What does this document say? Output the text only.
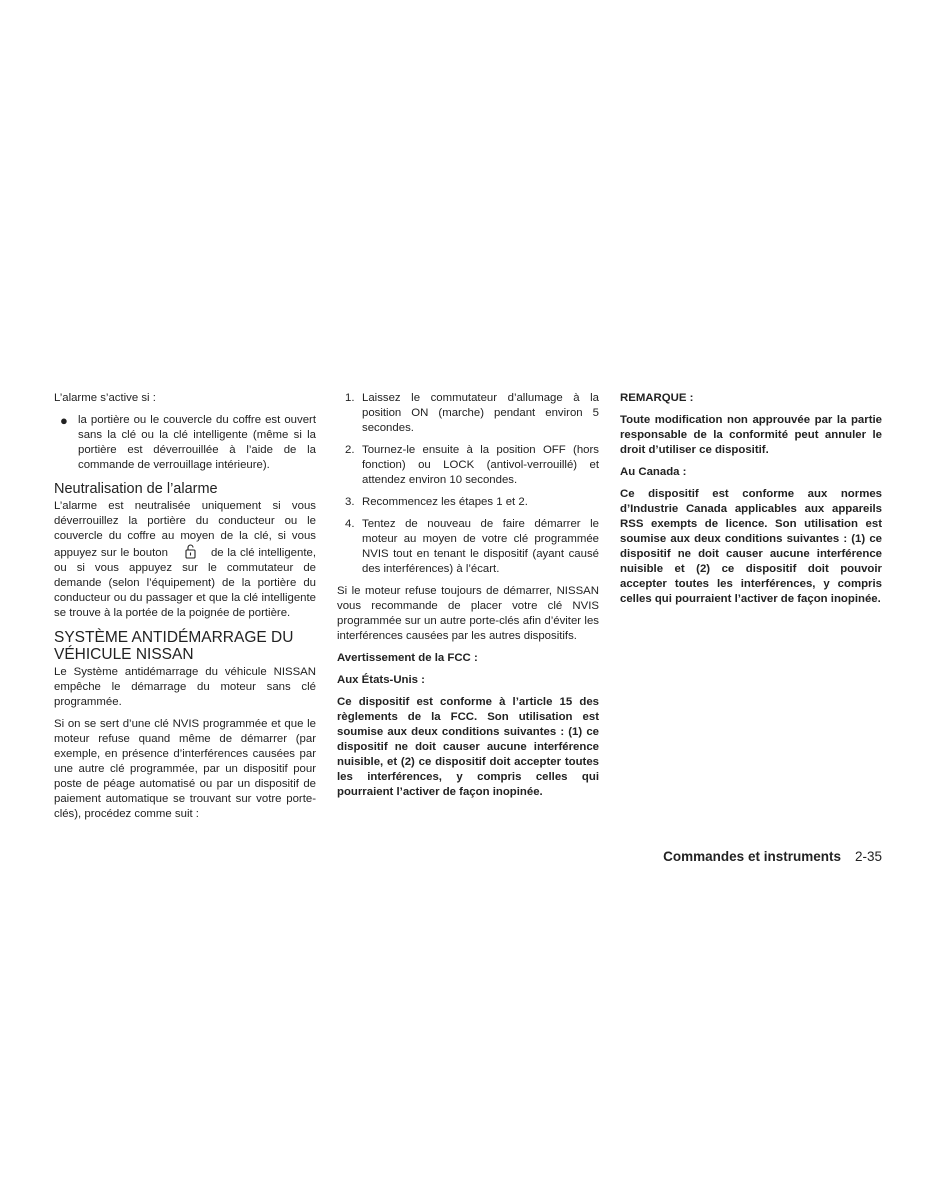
L’alarme s’active si :

● la portière ou le couvercle du coffre est ouvert sans la clé ou la clé intelligente (même si la portière est déverrouillée à l’aide de la commande de verrouillage intérieure).
Neutralisation de l’alarme

L’alarme est neutralisée uniquement si vous déverrouillez la portière du conducteur ou le couvercle du coffre au moyen de la clé, si vous appuyez sur le bouton	de la clé intelligente, ou si vous appuyez sur le commutateur de demande (selon l’équipement) de la portière du conducteur ou du passager et que la clé intelligente se trouve à la portée de la poignée de portière.

SYSTÈME ANTIDÉMARRAGE DU
VÉHICULE NISSAN

Le Système antidémarrage du véhicule NISSAN empêche le démarrage du moteur sans clé programmée.

Si on se sert d’une clé NVIS programmée et que le moteur refuse quand même de démarrer (par exemple, en présence d’interférences causées par une autre clé programmée, par un dispositif pour poste de péage automatisé ou par un dispositif de paiement automatique se trouvant sur votre porte-clés), procédez comme suit :

1. Laissez le commutateur d’allumage à la position ON (marche) pendant environ 5 secondes.
2. Tournez-le ensuite à la position OFF (hors fonction) ou LOCK (antivol-verrouillé) et attendez environ 10 secondes.
3. Recommencez les étapes 1 et 2.
4. Tentez de nouveau de faire démarrer le moteur au moyen de votre clé programmée NVIS tout en tenant le dispositif (ayant causé des interférences) à l’écart.

Si le moteur refuse toujours de démarrer, NISSAN vous recommande de placer votre clé NVIS programmée sur un autre porte-clés afin d’éviter les interférences causées par les autres dispositifs.

Avertissement de la FCC :

Aux États-Unis :

Ce dispositif est conforme à l’article 15 des règlements de la FCC. Son utilisation est soumise aux deux conditions suivantes : (1) ce dispositif ne doit causer aucune interférence nuisible, et (2) ce dispositif doit accepter toutes les interférences, y compris celles qui pourraient l’activer de façon inopinée.

REMARQUE :

Toute modification non approuvée par la partie responsable de la conformité peut annuler le droit d’utiliser ce dispositif.

Au Canada :

Ce dispositif est conforme aux normes d’Industrie Canada applicables aux appareils RSS exempts de licence. Son utilisation est soumise aux deux conditions suivantes : (1) ce dispositif ne doit causer aucune interférence nuisible et (2) ce dispositif doit pouvoir accepter toutes les interférences, y compris celles qui pourraient l’activer de façon inopinée.

Commandes et instruments 2-35
